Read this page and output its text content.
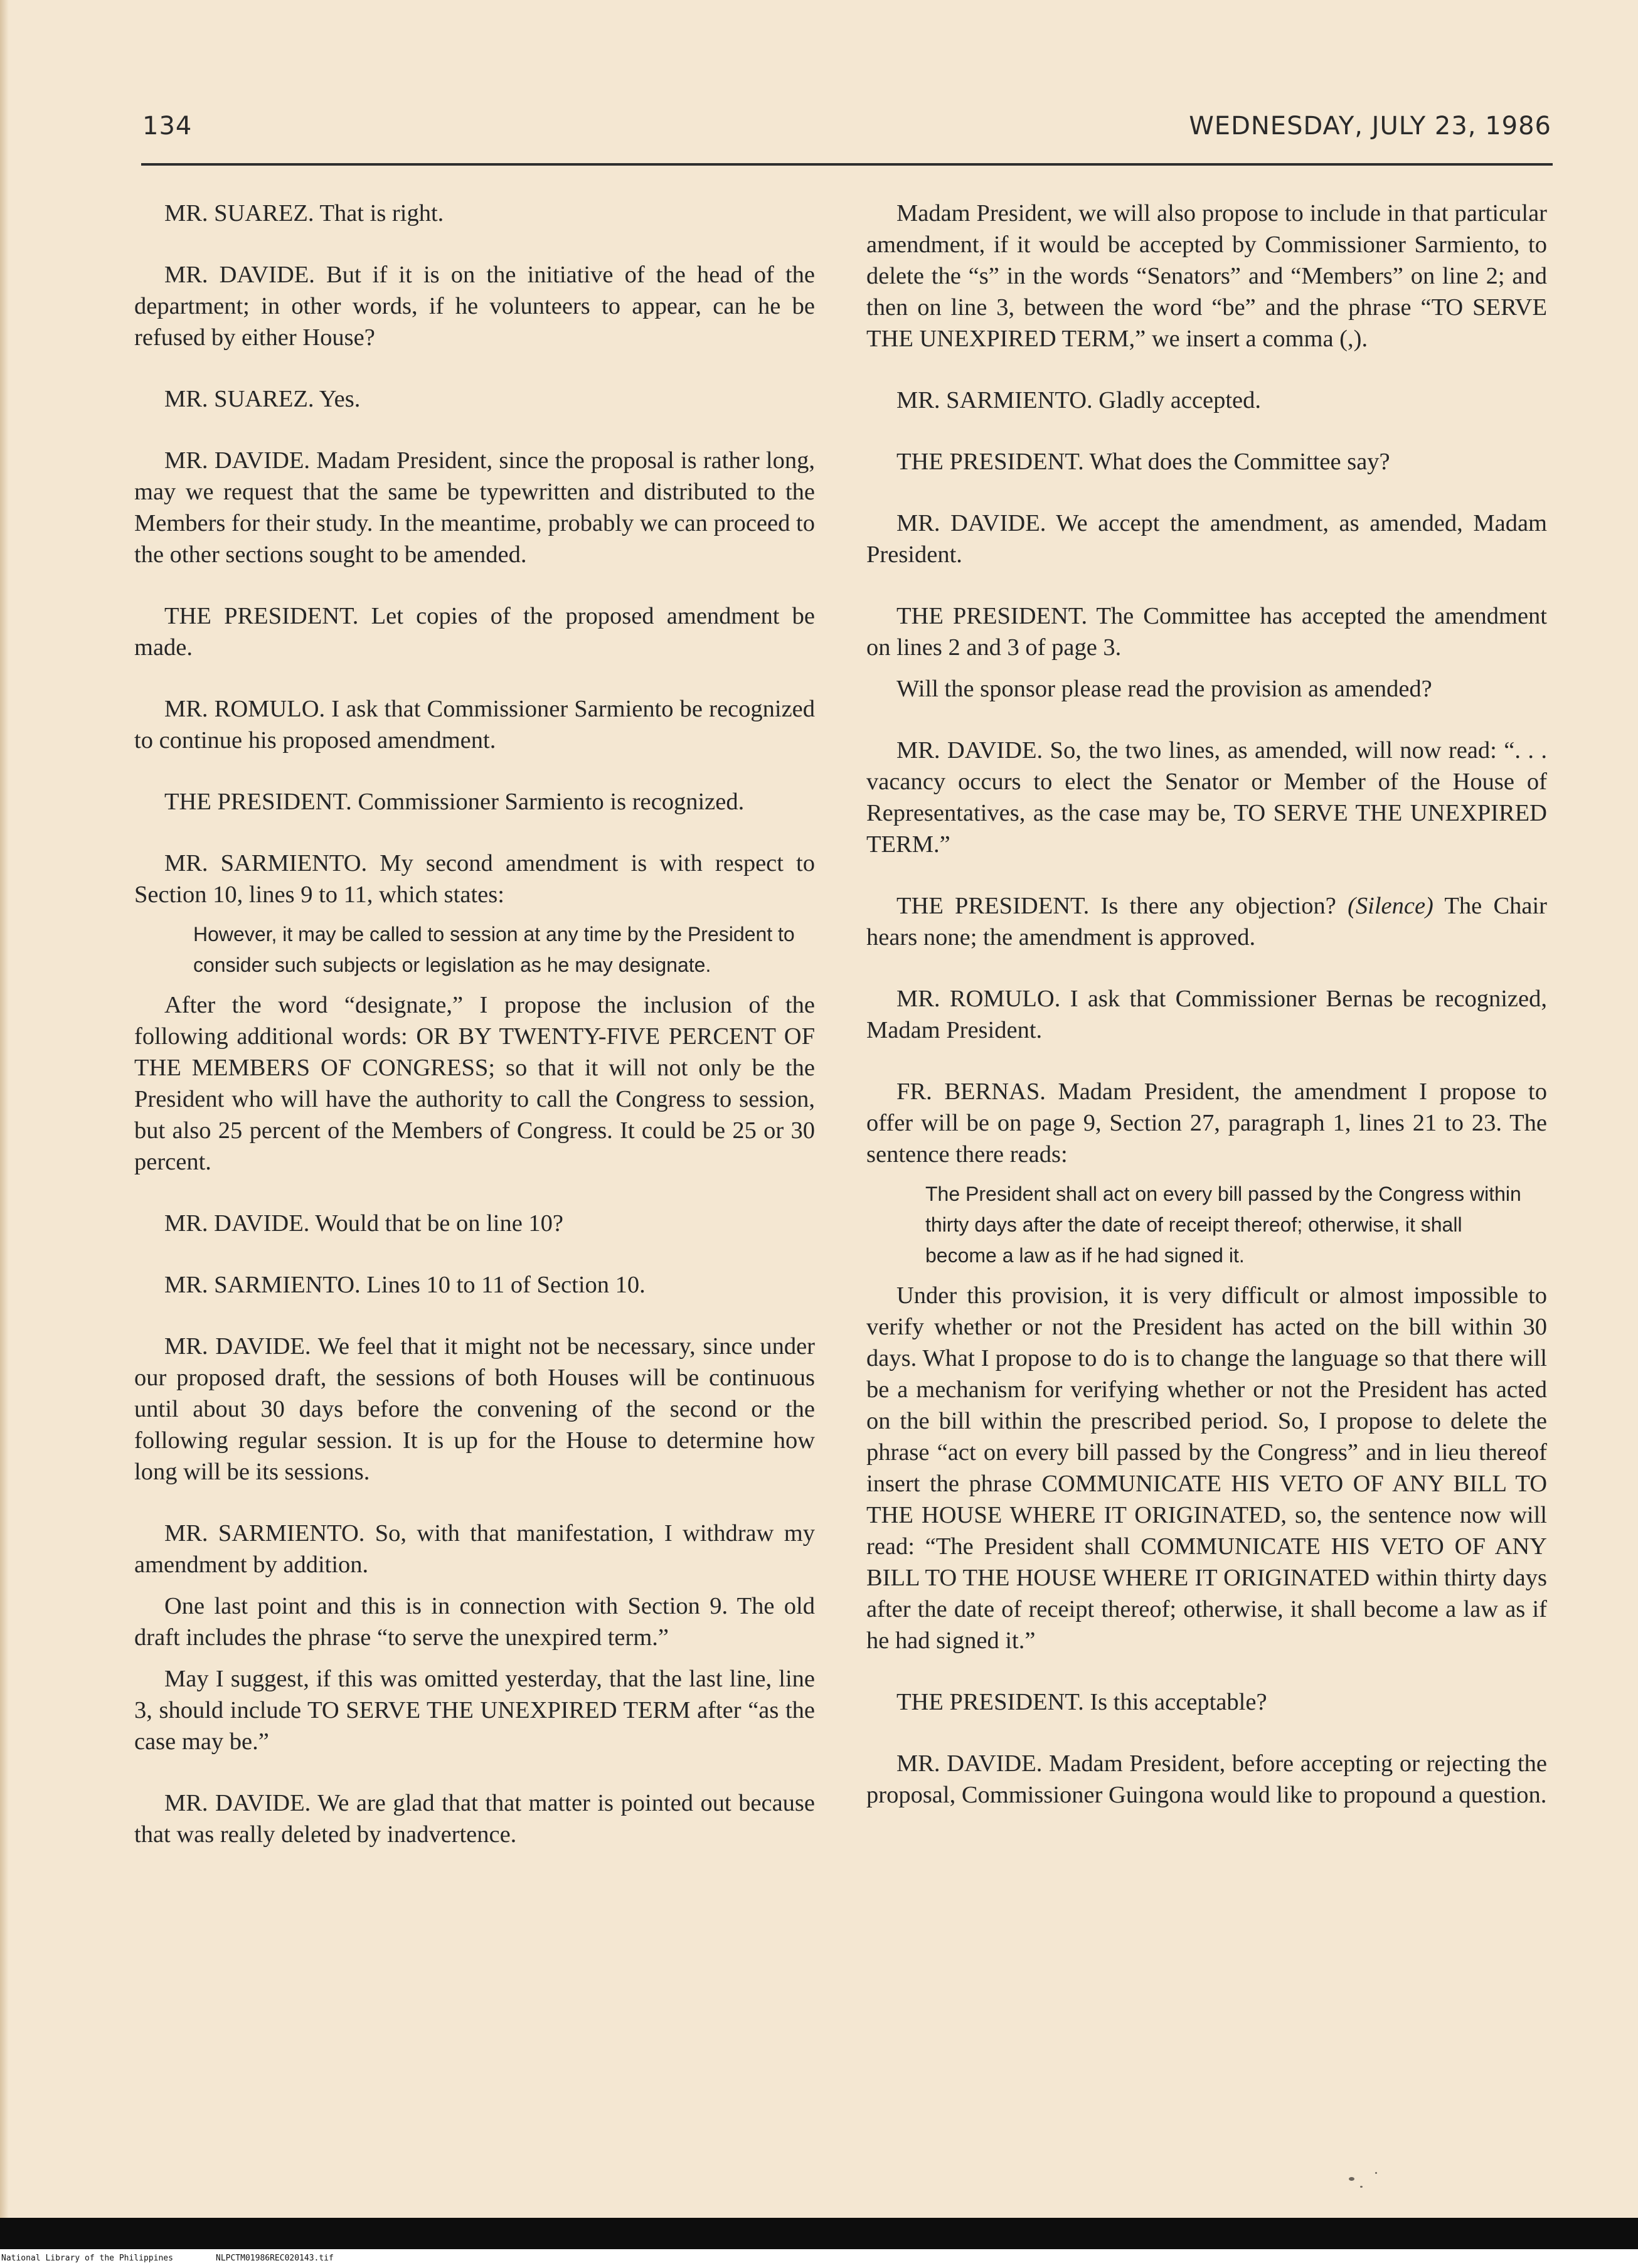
134	WEDNESDAY, JULY 23, 1986

MR. SUAREZ. That is right.

MR. DAVIDE. But if it is on the initiative of the head of the department; in other words, if he volunteers to appear, can he be refused by either House?

MR. SUAREZ. Yes.

MR. DAVIDE. Madam President, since the proposal is rather long, may we request that the same be typewritten and distributed to the Members for their study. In the meantime, probably we can proceed to the other sections sought to be amended.

THE PRESIDENT. Let copies of the proposed amendment be made.

MR. ROMULO. I ask that Commissioner Sarmiento be recognized to continue his proposed amendment.

THE PRESIDENT. Commissioner Sarmiento is recognized.

MR. SARMIENTO. My second amendment is with respect to Section 10, lines 9 to 11, which states:

However, it may be called to session at any time by the President to consider such subjects or legislation as he may designate.

After the word “designate,” I propose the inclusion of the following additional words: OR BY TWENTY-FIVE PERCENT OF THE MEMBERS OF CONGRESS; so that it will not only be the President who will have the authority to call the Congress to session, but also 25 percent of the Members of Congress. It could be 25 or 30 percent.

MR. DAVIDE. Would that be on line 10?

MR. SARMIENTO. Lines 10 to 11 of Section 10.

MR. DAVIDE. We feel that it might not be necessary, since under our proposed draft, the sessions of both Houses will be continuous until about 30 days before the convening of the second or the following regular session. It is up for the House to determine how long will be its sessions.

MR. SARMIENTO. So, with that manifestation, I withdraw my amendment by addition.

One last point and this is in connection with Section 9. The old draft includes the phrase “to serve the unexpired term.”

May I suggest, if this was omitted yesterday, that the last line, line 3, should include TO SERVE THE UNEXPIRED TERM after “as the case may be.”

MR. DAVIDE. We are glad that that matter is pointed out because that was really deleted by inadvertence.

Madam President, we will also propose to include in that particular amendment, if it would be accepted by Commissioner Sarmiento, to delete the “s” in the words “Senators” and “Members” on line 2; and then on line 3, between the word “be” and the phrase “TO SERVE THE UNEXPIRED TERM,” we insert a comma (,).

MR. SARMIENTO. Gladly accepted.

THE PRESIDENT. What does the Committee say?

MR. DAVIDE. We accept the amendment, as amended, Madam President.

THE PRESIDENT. The Committee has accepted the amendment on lines 2 and 3 of page 3.

Will the sponsor please read the provision as amended?

MR. DAVIDE. So, the two lines, as amended, will now read: “. . . vacancy occurs to elect the Senator or Member of the House of Representatives, as the case may be, TO SERVE THE UNEXPIRED TERM.”

THE PRESIDENT. Is there any objection? (Silence) The Chair hears none; the amendment is approved.

MR. ROMULO. I ask that Commissioner Bernas be recognized, Madam President.

FR. BERNAS. Madam President, the amendment I propose to offer will be on page 9, Section 27, paragraph 1, lines 21 to 23. The sentence there reads:

The President shall act on every bill passed by the Congress within thirty days after the date of receipt thereof; otherwise, it shall become a law as if he had signed it.

Under this provision, it is very difficult or almost impossible to verify whether or not the President has acted on the bill within 30 days. What I propose to do is to change the language so that there will be a mechanism for verifying whether or not the President has acted on the bill within the prescribed period. So, I propose to delete the phrase “act on every bill passed by the Congress” and in lieu thereof insert the phrase COMMUNICATE HIS VETO OF ANY BILL TO THE HOUSE WHERE IT ORIGINATED, so, the sentence now will read: “The President shall COMMUNICATE HIS VETO OF ANY BILL TO THE HOUSE WHERE IT ORIGINATED within thirty days after the date of receipt thereof; otherwise, it shall become a law as if he had signed it.”

THE PRESIDENT. Is this acceptable?

MR. DAVIDE. Madam President, before accepting or rejecting the proposal, Commissioner Guingona would like to propound a question.

National Library of the Philippines	NLPCTM01986REC020143.tif
